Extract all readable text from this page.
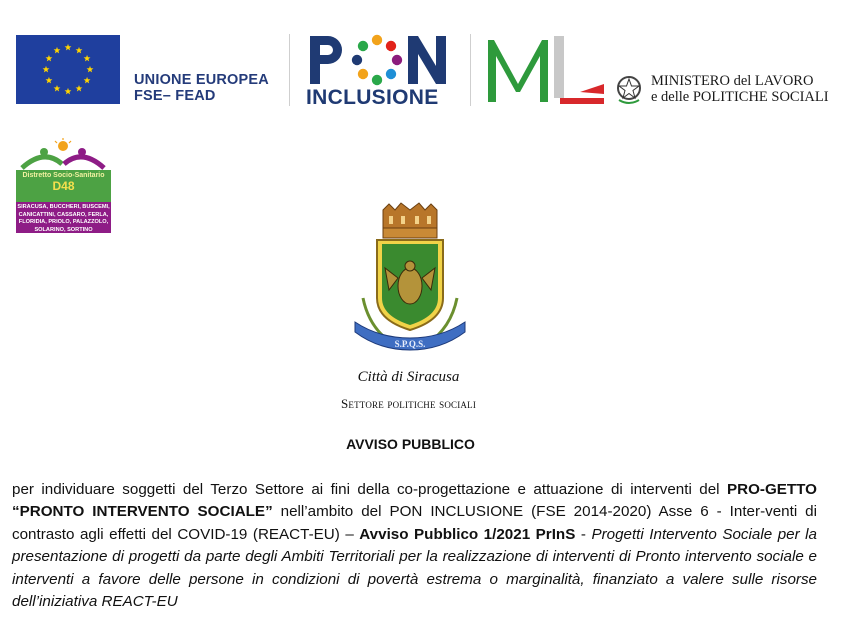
UNIONE EUROPEA
FSE– FEAD	INCLUSIONE
MINISTERO del LAVORO
e delle POLITICHE SOCIALI
Distretto Socio-Sanitario
D48
SIRACUSA, BUCCHERI, BUSCEMI,
CANICATTINI, CASSARO, FERLA,
FLORIDIA, PRIOLO, PALAZZOLO,
SOLARINO, SORTINO
S.P.Q.S.
Città di Siracusa
Settore politiche sociali
AVVISO PUBBLICO
per individuare soggetti del Terzo Settore ai fini della co-progettazione e attuazione di interventi del PRO-GETTO “PRONTO INTERVENTO SOCIALE” nell’ambito del PON INCLUSIONE (FSE 2014-2020) Asse 6 - Inter-venti di contrasto agli effetti del COVID-19 (REACT-EU) – Avviso Pubblico 1/2021 PrInS - Progetti Intervento Sociale per la presentazione di progetti da parte degli Ambiti Territoriali per la realizzazione di interventi di Pronto intervento sociale e interventi a favore delle persone in condizioni di povertà estrema o marginalità, finanziato a valere sulle risorse dell’iniziativa REACT-EU
